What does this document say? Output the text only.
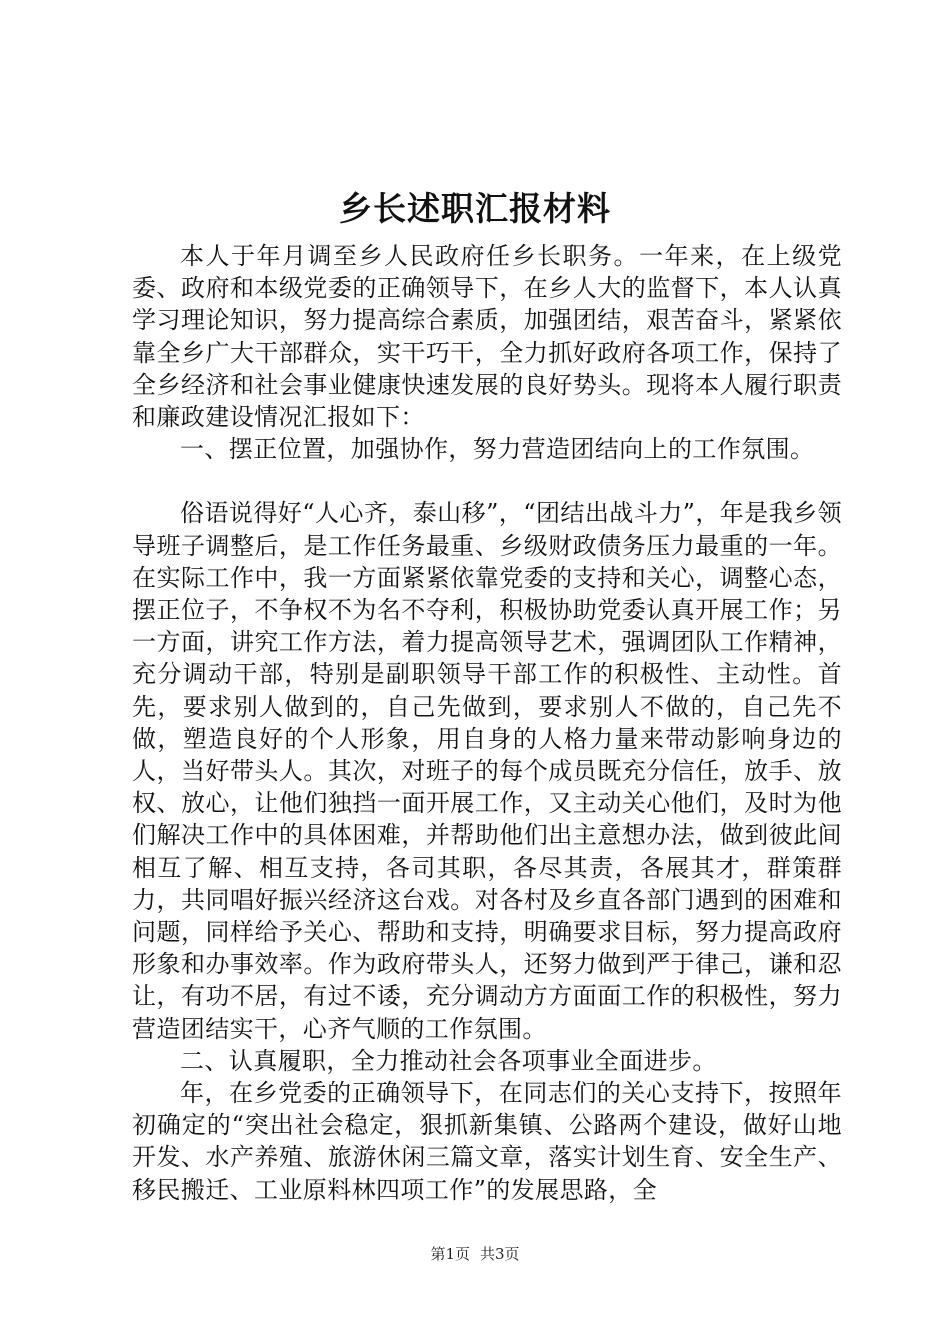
乡长述职汇报材料

本人于年月调至乡人民政府任乡长职务。一年来，在上级党委、政府和本级党委的正确领导下，在乡人大的监督下，本人认真学习理论知识，努力提高综合素质，加强团结，艰苦奋斗，紧紧依靠全乡广大干部群众，实干巧干，全力抓好政府各项工作，保持了全乡经济和社会事业健康快速发展的良好势头。现将本人履行职责和廉政建设情况汇报如下：

一、摆正位置，加强协作，努力营造团结向上的工作氛围。

俗语说得好“人心齐，泰山移”，“团结出战斗力”，年是我乡领导班子调整后，是工作任务最重、乡级财政债务压力最重的一年。在实际工作中，我一方面紧紧依靠党委的支持和关心，调整心态，摆正位子，不争权不为名不夺利，积极协助党委认真开展工作；另一方面，讲究工作方法，着力提高领导艺术，强调团队工作精神，充分调动干部，特别是副职领导干部工作的积极性、主动性。首先，要求别人做到的，自己先做到，要求别人不做的，自己先不做，塑造良好的个人形象，用自身的人格力量来带动影响身边的人，当好带头人。其次，对班子的每个成员既充分信任，放手、放权、放心，让他们独挡一面开展工作，又主动关心他们，及时为他们解决工作中的具体困难，并帮助他们出主意想办法，做到彼此间相互了解、相互支持，各司其职，各尽其责，各展其才，群策群力，共同唱好振兴经济这台戏。对各村及乡直各部门遇到的困难和问题，同样给予关心、帮助和支持，明确要求目标，努力提高政府形象和办事效率。作为政府带头人，还努力做到严于律己，谦和忍让，有功不居，有过不诿，充分调动方方面面工作的积极性，努力营造团结实干，心齐气顺的工作氛围。

二、认真履职，全力推动社会各项事业全面进步。

年，在乡党委的正确领导下，在同志们的关心支持下，按照年初确定的“突出社会稳定，狠抓新集镇、公路两个建设，做好山地开发、水产养殖、旅游休闲三篇文章，落实计划生育、安全生产、移民搬迁、工业原料林四项工作”的发展思路，全

第1页 共3页
